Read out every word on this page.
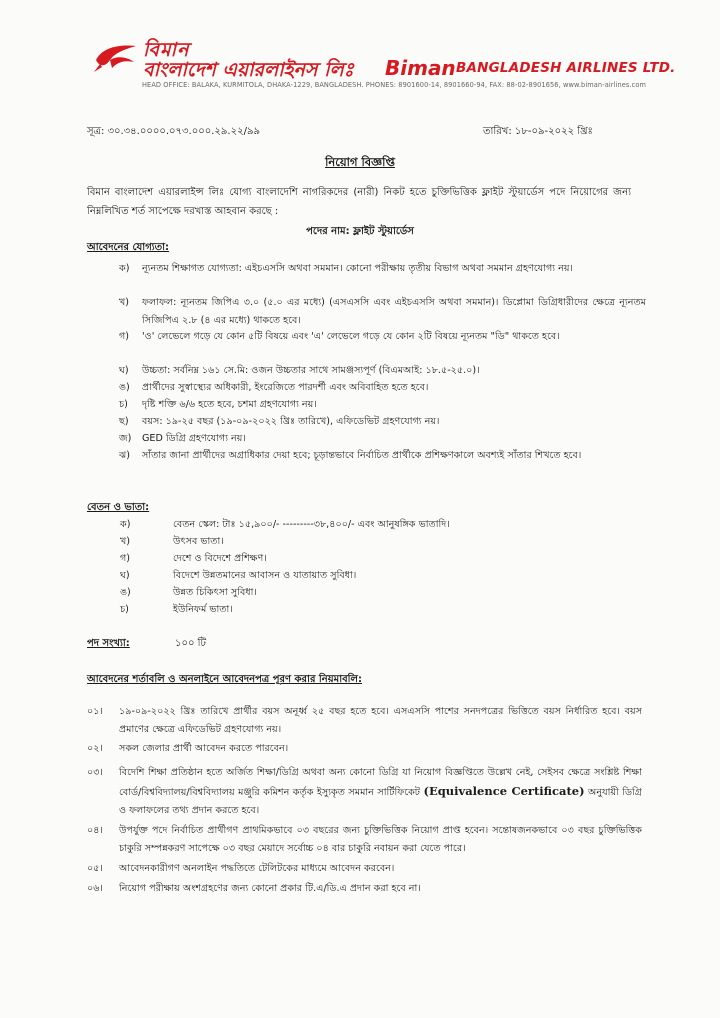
বিমান
বাংলাদেশ এয়ারলাইনস লিঃ Biman BANGLADESH AIRLINES LTD.
HEAD OFFICE: BALAKA, KURMITOLA, DHAKA-1229, BANGLADESH. PHONES: 8901600-14, 8901660-94, FAX: 88-02-8901656, www.biman-airlines.com
সূত্র: ৩০.৩৪.০০০০.০৭৩.০০০.২৯.২২/৯৯	তারিখ: ১৮-০৯-২০২২ খ্রিঃ
নিয়োগ বিজ্ঞপ্তি
বিমান বাংলাদেশ এয়ারলাইন্স লিঃ যোগ্য বাংলাদেশি নাগরিকদের (নারী) নিকট হতে চুক্তিভিত্তিক ফ্লাইট স্টুয়ার্ডেস পদে নিয়োগের জন্য নিম্নলিখিত শর্ত সাপেক্ষে দরখাস্ত আহবান করছে :
পদের নাম: ফ্লাইট স্টুয়ার্ডেস
আবেদনের যোগ্যতা:
ক) ন্যূনতম শিক্ষাগত যোগ্যতা: এইচএসসি অথবা সমমান। কোনো পরীক্ষায় তৃতীয় বিভাগ অথবা সমমান গ্রহণযোগ্য নয়।
খ) ফলাফল: ন্যূনতম জিপিএ ৩.০ (৫.০ এর মধ্যে) (এসএসসি এবং এইচএসসি অথবা সমমান)। ডিপ্লোমা ডিগ্রিধারীদের ক্ষেত্রে ন্যূনতম সিজিপিএ ২.৮ (৪ এর মধ্যে) থাকতে হবে।
গ) 'ও' লেভেলে গড়ে যে কোন ৫টি বিষয়ে এবং 'এ' লেভেলে গড়ে যে কোন ২টি বিষয়ে ন্যূনতম "ডি" থাকতে হবে।
ঘ) উচ্চতা: সর্বনিম্ন ১৬১ সে.মি: ওজন উচ্চতার সাথে সামঞ্জস্যপূর্ণ (বিএমআই: ১৮.৫-২৫.০)।
ঙ) প্রার্থীদের সুস্বাস্থ্যের অধিকারী, ইংরেজিতে পারদর্শী এবং অবিবাহিত হতে হবে।
চ) দৃষ্টি শক্তি ৬/৬ হতে হবে, চশমা গ্রহণযোগ্য নয়।
ছ) বয়স: ১৯-২৫ বছর (১৯-০৯-২০২২ খ্রিঃ তারিখে), এফিডেভিট গ্রহণযোগ্য নয়।
জ) GED ডিগ্রি গ্রহণযোগ্য নয়।
ঝ) সাঁতার জানা প্রার্থীদের অগ্রাধিকার দেয়া হবে; চূড়ান্তভাবে নির্বাচিত প্রার্থীকে প্রশিক্ষণকালে অবশ্যই সাঁতার শিখতে হবে।
বেতন ও ভাতা:
ক)	বেতন স্কেল: টাঃ ১৫,৯০০/- ---------৩৮,৪০০/- এবং আনুষঙ্গিক ভাতাদি।
খ)	উৎসব ভাতা।
গ)	দেশে ও বিদেশে প্রশিক্ষণ।
ঘ)	বিদেশে উন্নতমানের আবাসন ও যাতায়াত সুবিধা।
ঙ)	উন্নত চিকিৎসা সুবিধা।
চ)	ইউনিফর্ম ভাতা।
পদ সংখ্যা:	১০০ টি
আবেদনের শর্তাবলি ও অনলাইনে আবেদনপত্র পূরণ করার নিয়মাবলি:
০১। ১৯-০৯-২০২২ খ্রিঃ তারিখে প্রার্থীর বয়স অনূর্ধ্ব ২৫ বছর হতে হবে। এসএসসি পাশের সনদপত্রের ভিত্তিতে বয়স নির্ধারিত হবে। বয়স প্রমাণের ক্ষেত্রে এফিডেভিট গ্রহণযোগ্য নয়।
০২। সকল জেলার প্রার্থী আবেদন করতে পারবেন।
০৩। বিদেশি শিক্ষা প্রতিষ্ঠান হতে অর্জিত শিক্ষা/ডিগ্রি অথবা অন্য কোনো ডিগ্রি যা নিয়োগ বিজ্ঞপ্তিতে উল্লেখ নেই, সেইসব ক্ষেত্রে সংশ্লিষ্ট শিক্ষা বোর্ড/বিশ্ববিদ্যালয়/বিশ্ববিদ্যালয় মঞ্জুরি কমিশন কর্তৃক ইস্যুকৃত সমমান সার্টিফিকেট (Equivalence Certificate) অনুযায়ী ডিগ্রি ও ফলাফলের তথ্য প্রদান করতে হবে।
০৪। উপর্যুক্ত পদে নির্বাচিত প্রার্থীগণ প্রাথমিকভাবে ০৩ বছরের জন্য চুক্তিভিত্তিক নিয়োগ প্রাপ্ত হবেন। সন্তোষজনকভাবে ০৩ বছর চুক্তিভিত্তিক চাকুরি সম্পন্নকরণ সাপেক্ষে ০৩ বছর মেয়াদে সর্বোচ্চ ০৪ বার চাকুরি নবায়ন করা যেতে পারে।
০৫। আবেদনকারীগণ অনলাইন পদ্ধতিতে টেলিটকের মাধ্যমে আবেদন করবেন।
০৬। নিয়োগ পরীক্ষায় অংশগ্রহণের জন্য কোনো প্রকার টি.এ/ডি.এ প্রদান করা হবে না।
